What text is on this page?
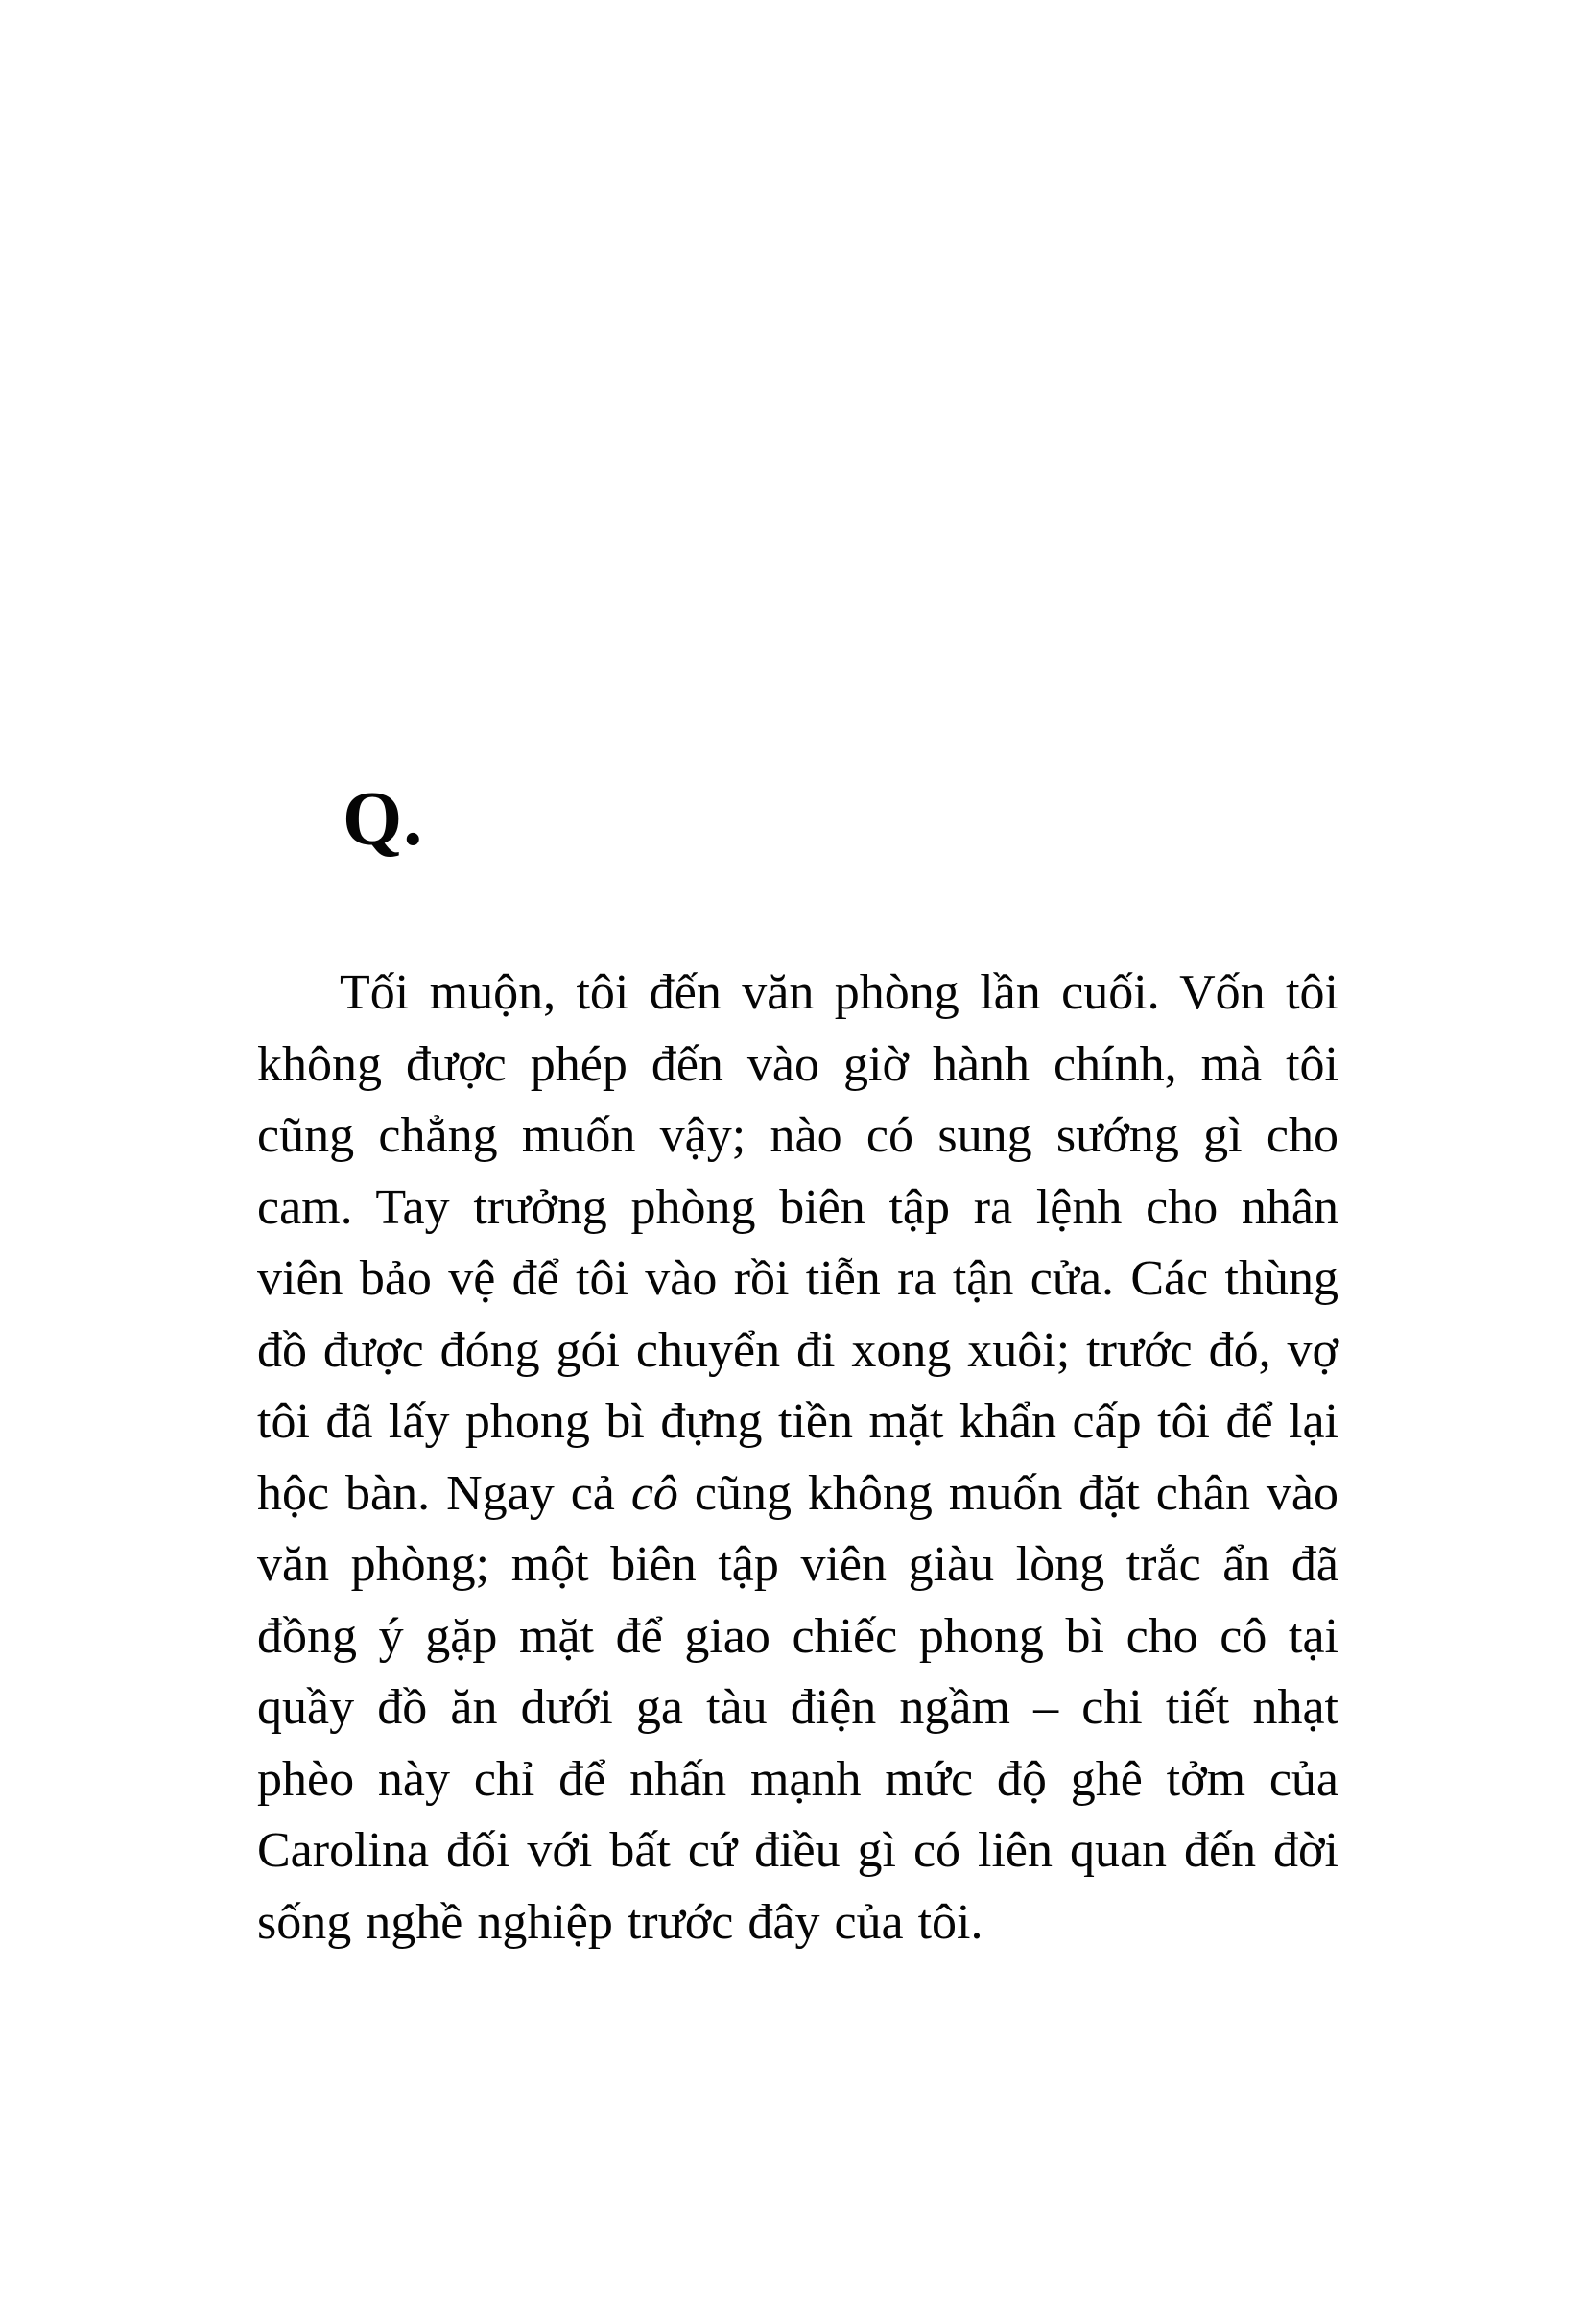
Q.

Tối muộn, tôi đến văn phòng lần cuối. Vốn tôi không được phép đến vào giờ hành chính, mà tôi cũng chẳng muốn vậy; nào có sung sướng gì cho cam. Tay trưởng phòng biên tập ra lệnh cho nhân viên bảo vệ để tôi vào rồi tiễn ra tận cửa. Các thùng đồ được đóng gói chuyển đi xong xuôi; trước đó, vợ tôi đã lấy phong bì đựng tiền mặt khẩn cấp tôi để lại hộc bàn. Ngay cả cô cũng không muốn đặt chân vào văn phòng; một biên tập viên giàu lòng trắc ẩn đã đồng ý gặp mặt để giao chiếc phong bì cho cô tại quầy đồ ăn dưới ga tàu điện ngầm – chi tiết nhạt phèo này chỉ để nhấn mạnh mức độ ghê tởm của Carolina đối với bất cứ điều gì có liên quan đến đời sống nghề nghiệp trước đây của tôi.
